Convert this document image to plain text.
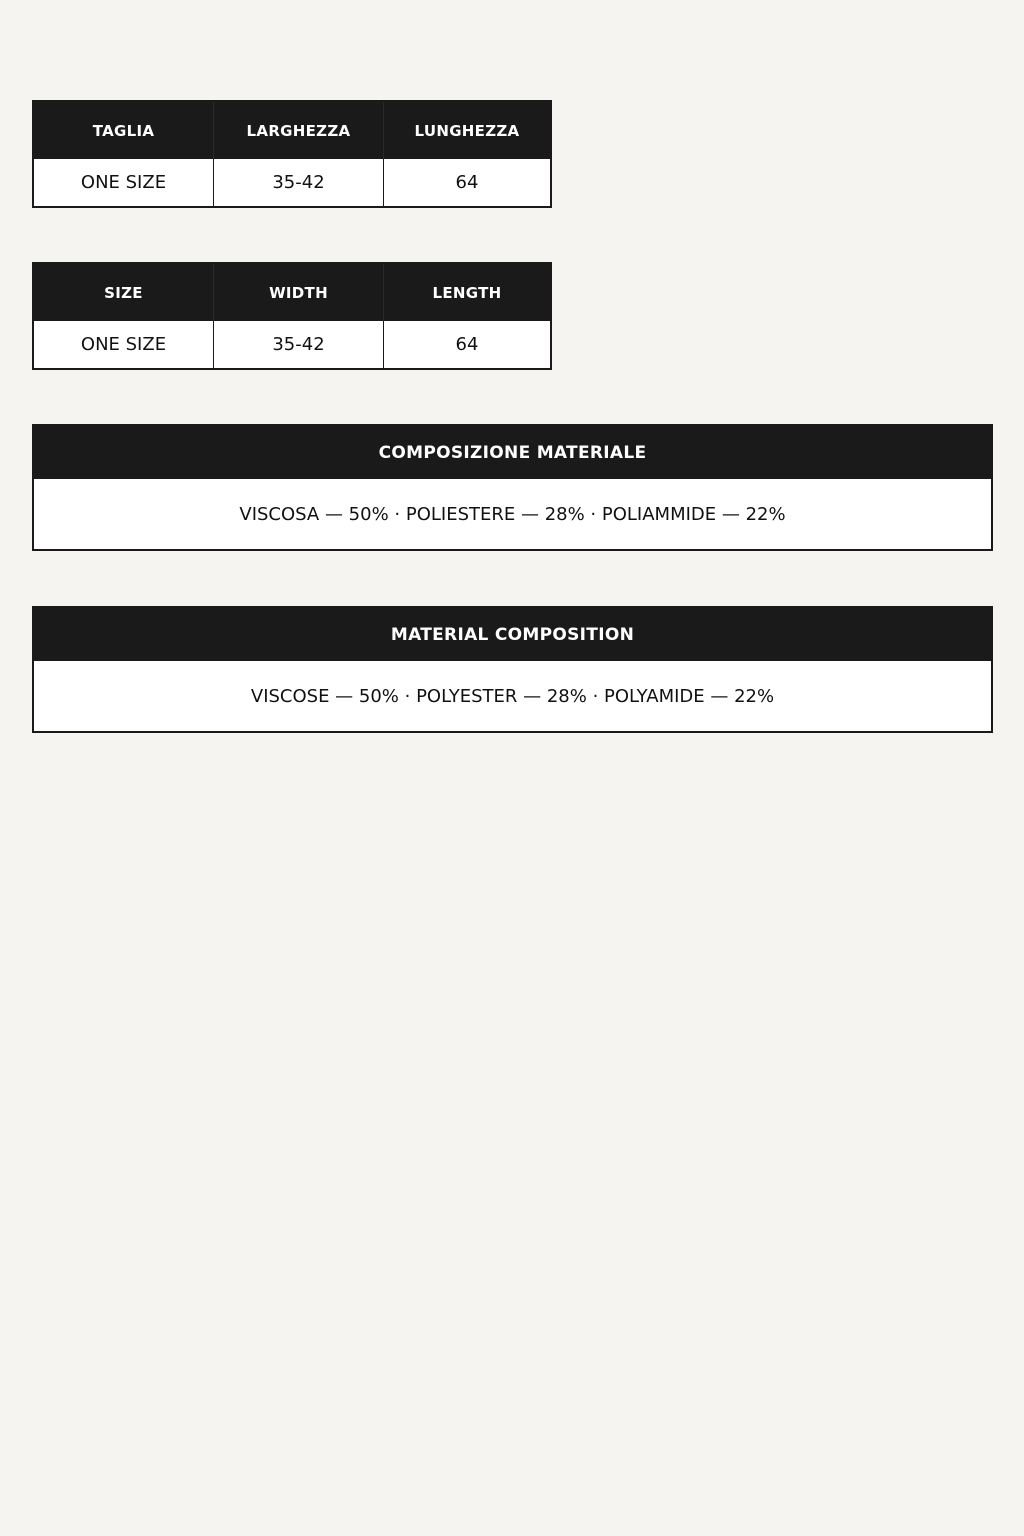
TAGLIA	LARGHEZZA	LUNGHEZZA
ONE SIZE	35-42	64
SIZE	WIDTH	LENGTH
ONE SIZE	35-42	64
COMPOSIZIONE MATERIALE
VISCOSA — 50% · POLIESTERE — 28% · POLIAMMIDE — 22%
MATERIAL COMPOSITION
VISCOSE — 50% · POLYESTER — 28% · POLYAMIDE — 22%
